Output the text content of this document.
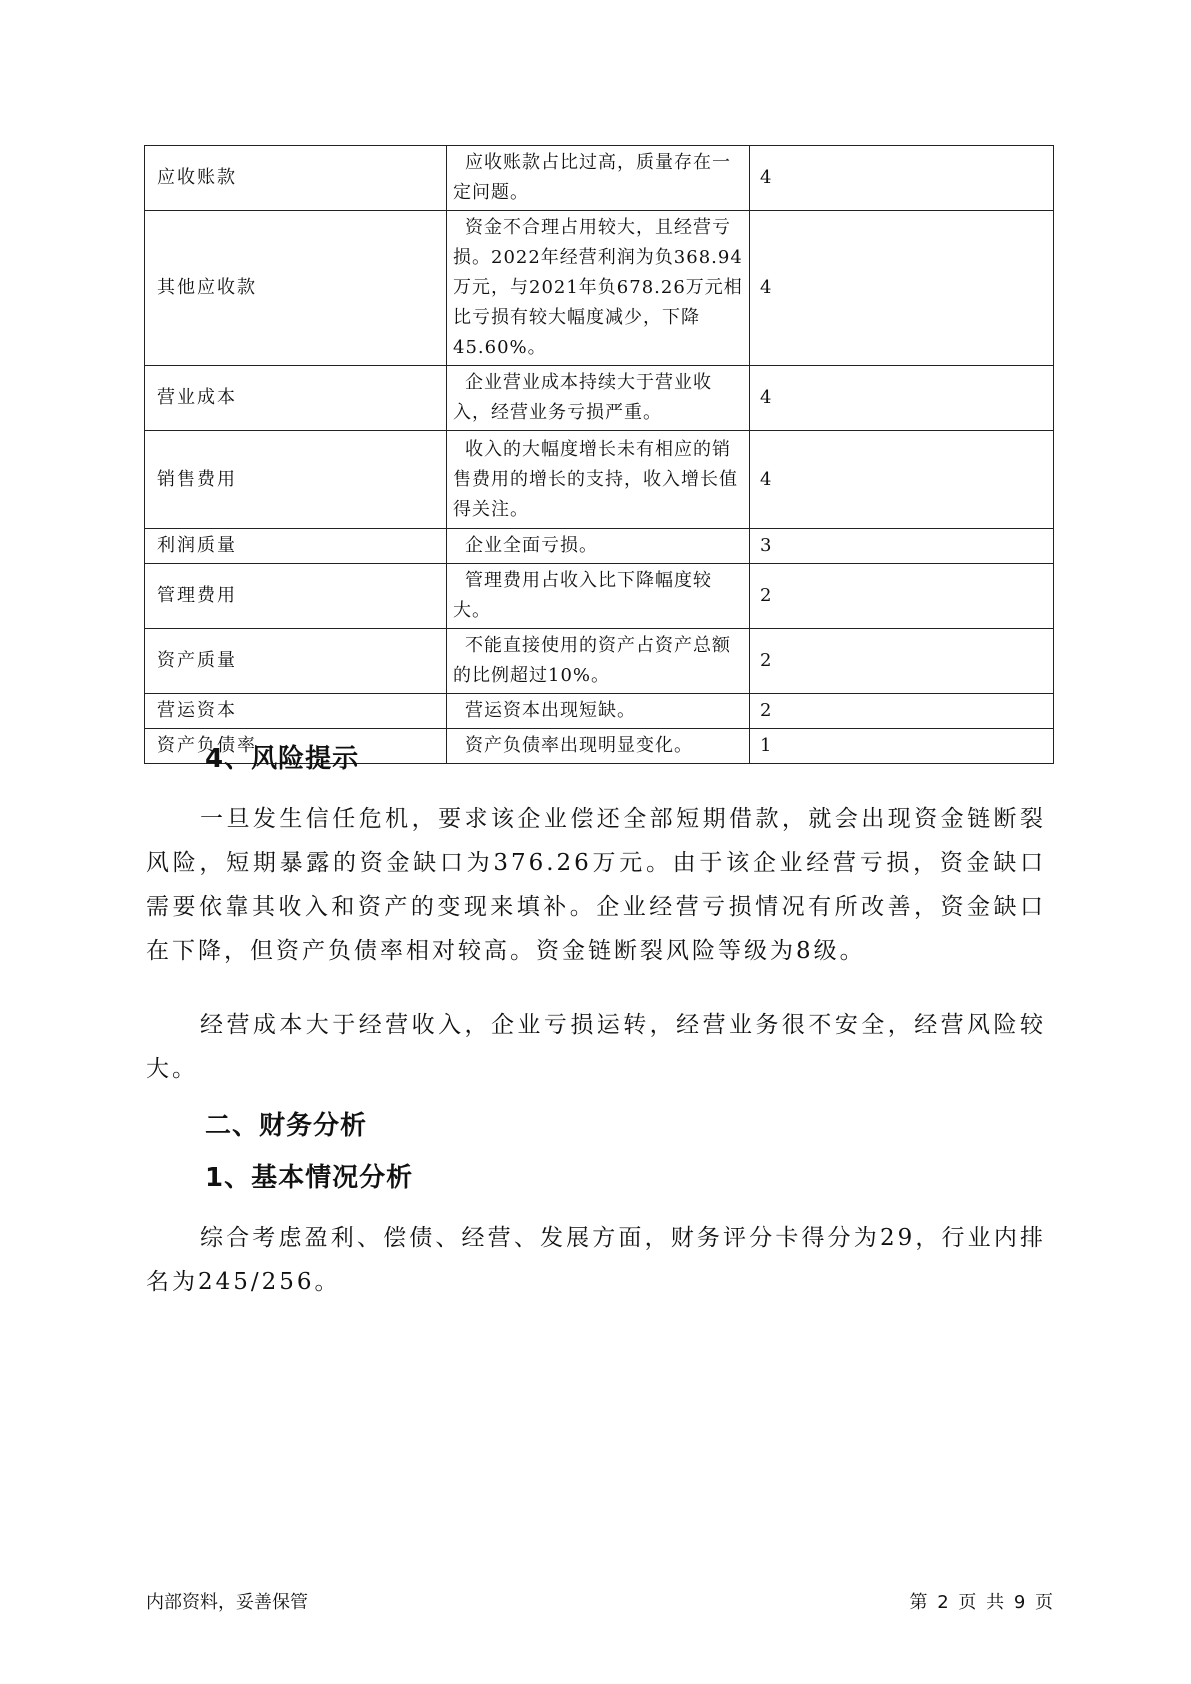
应收账款	应收账款占比过高，质量存在一定问题。	4
其他应收款	资金不合理占用较大，且经营亏损。2022年经营利润为负368.94万元，与2021年负678.26万元相比亏损有较大幅度减少，下降45.60%。	4
营业成本	企业营业成本持续大于营业收入，经营业务亏损严重。	4
销售费用	收入的大幅度增长未有相应的销售费用的增长的支持，收入增长值得关注。	4
利润质量	企业全面亏损。	3
管理费用	管理费用占收入比下降幅度较大。	2
资产质量	不能直接使用的资产占资产总额的比例超过10%。	2
营运资本	营运资本出现短缺。	2
资产负债率	资产负债率出现明显变化。	1
4、风险提示

一旦发生信任危机，要求该企业偿还全部短期借款，就会出现资金链断裂风险，短期暴露的资金缺口为376.26万元。由于该企业经营亏损，资金缺口需要依靠其收入和资产的变现来填补。企业经营亏损情况有所改善，资金缺口在下降，但资产负债率相对较高。资金链断裂风险等级为8级。

经营成本大于经营收入，企业亏损运转，经营业务很不安全，经营风险较大。

二、财务分析
1、基本情况分析

综合考虑盈利、偿债、经营、发展方面，财务评分卡得分为29，行业内排名为245/256。

内部资料，妥善保管	第 2 页 共 9 页
